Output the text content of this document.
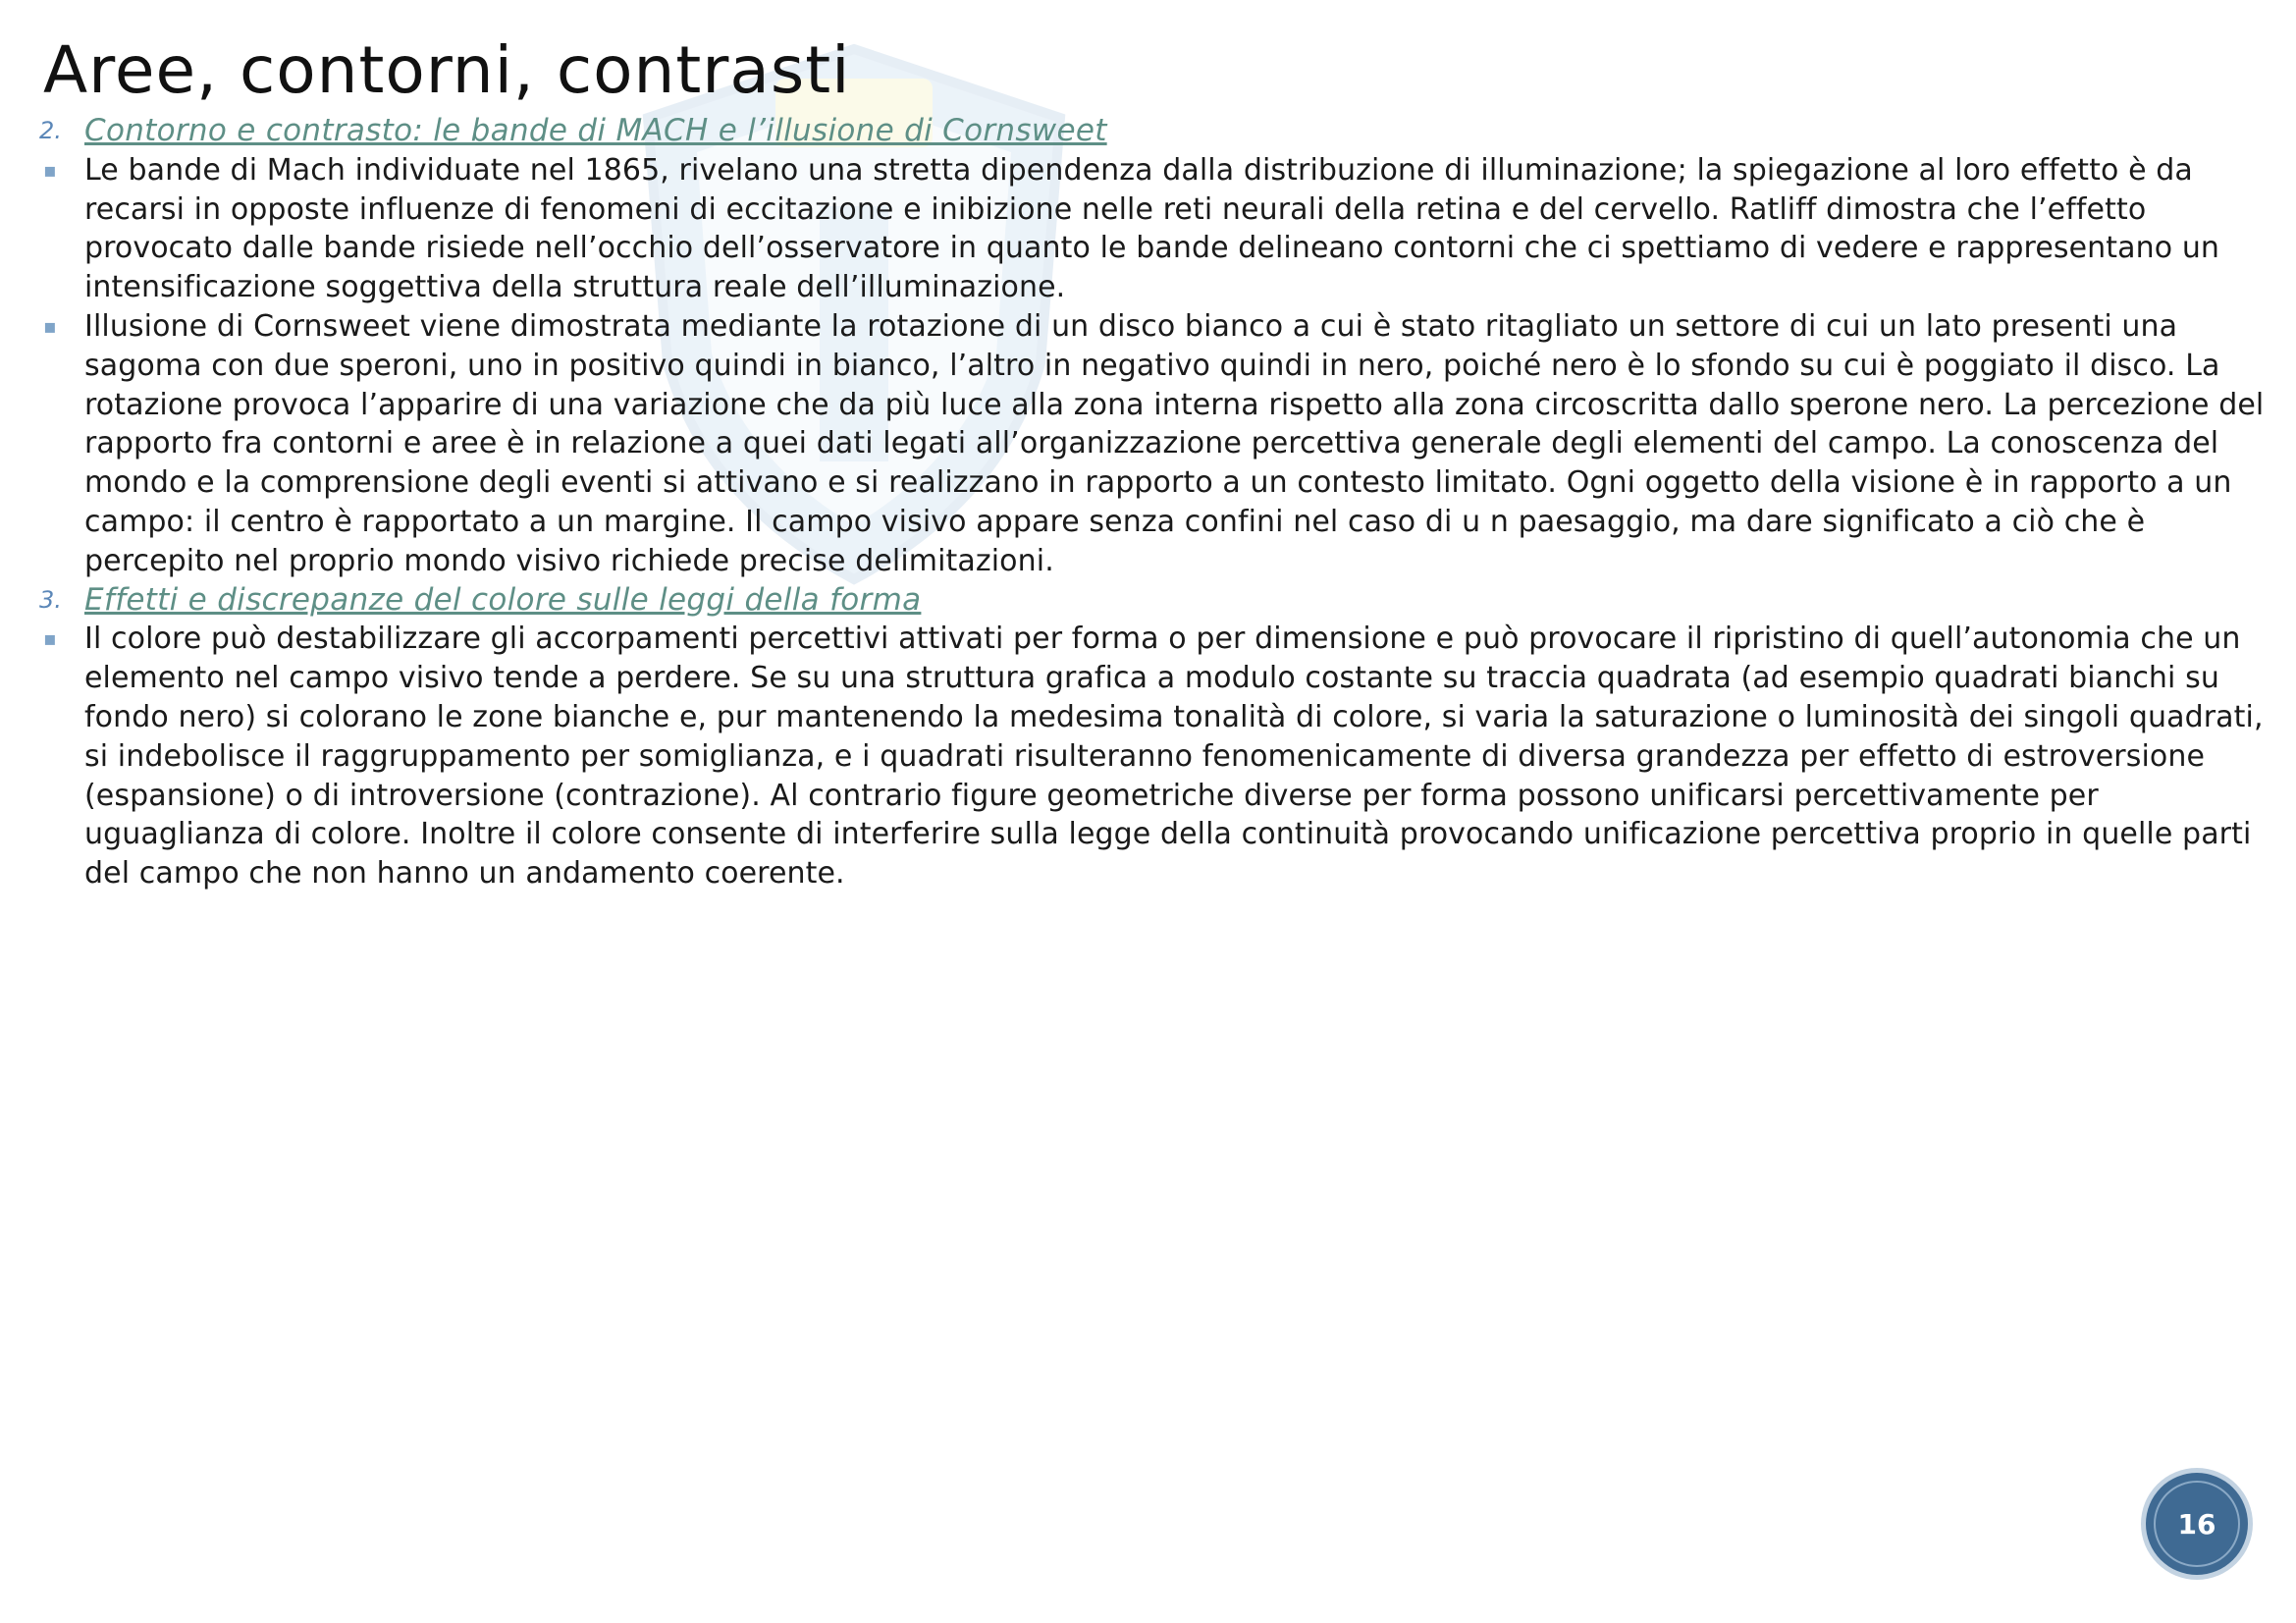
Aree, contorni, contrasti
2. Contorno e contrasto: le bande di MACH e l’illusione di Cornsweet
▪ Le bande di Mach individuate nel 1865, rivelano una stretta dipendenza dalla distribuzione di illuminazione; la spiegazione al loro effetto è da recarsi in opposte influenze di fenomeni di eccitazione e inibizione nelle reti neurali della retina e del cervello. Ratliff dimostra che l’effetto provocato dalle bande risiede nell’occhio dell’osservatore in quanto le bande delineano contorni che ci spettiamo di vedere e rappresentano un intensificazione soggettiva della struttura reale dell’illuminazione.

▪ Illusione di Cornsweet viene dimostrata mediante la rotazione di un disco bianco a cui è stato ritagliato un settore di cui un lato presenti una sagoma con due speroni, uno in positivo quindi in bianco, l’altro in negativo quindi in nero, poiché nero è lo sfondo su cui è poggiato il disco. La rotazione provoca l’apparire di una variazione che da più luce alla zona interna rispetto alla zona circoscritta dallo sperone nero. La percezione del rapporto fra contorni e aree è in relazione a quei dati legati all’organizzazione percettiva generale degli elementi del campo. La conoscenza del mondo e la comprensione degli eventi si attivano e si realizzano in rapporto a un contesto limitato. Ogni oggetto della visione è in rapporto a un campo: il centro è rapportato a un margine. Il campo visivo appare senza confini nel caso di u n paesaggio, ma dare significato a ciò che è percepito nel proprio mondo visivo richiede precise delimitazioni.

3. Effetti e discrepanze del colore sulle leggi della forma
▪ Il colore può destabilizzare gli accorpamenti percettivi attivati per forma o per dimensione e può provocare il ripristino di quell’autonomia che un elemento nel campo visivo tende a perdere. Se su una struttura grafica a modulo costante su traccia quadrata (ad esempio quadrati bianchi su fondo nero) si colorano le zone bianche e, pur mantenendo la medesima tonalità di colore, si varia la saturazione o luminosità dei singoli quadrati, si indebolisce il raggruppamento per somiglianza, e i quadrati risulteranno fenomenicamente di diversa grandezza per effetto di estroversione (espansione) o di introversione (contrazione). Al contrario figure geometriche diverse per forma possono unificarsi percettivamente per uguaglianza di colore. Inoltre il colore consente di interferire sulla legge della continuità provocando unificazione percettiva proprio in quelle parti del campo che non hanno un andamento coerente.

16
